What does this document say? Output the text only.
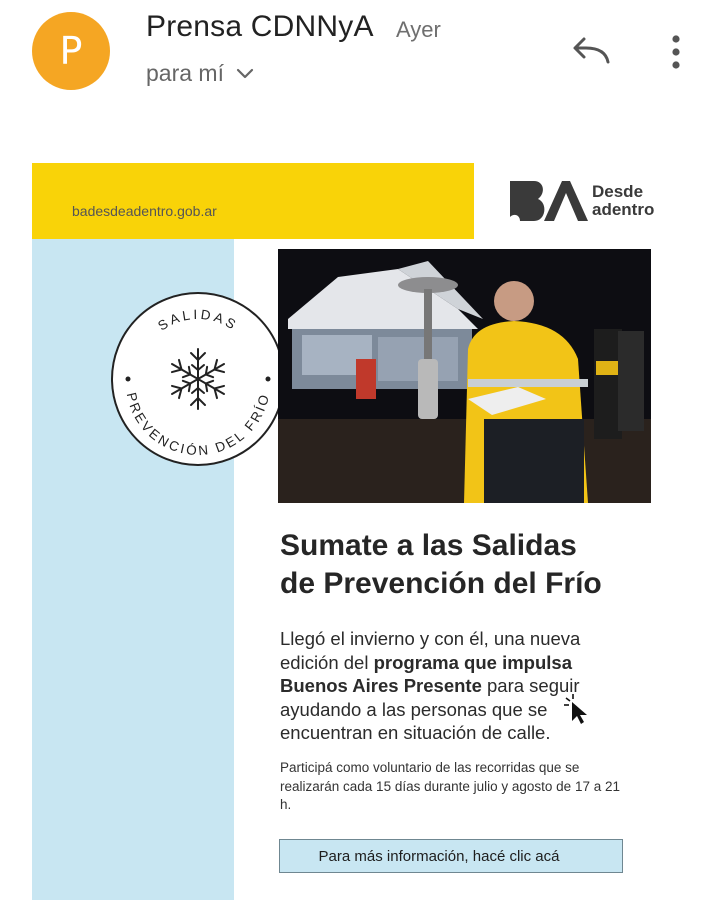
P
Prensa CDNNyA Ayer
para mí
badesdeadentro.gob.ar
Desde
adentro
SALIDAS
PREVENCIÓN DEL FRÍO
Sumate a las Salidas
de Prevención del Frío
Llegó el invierno y con él, una nueva edición del programa que impulsa Buenos Aires Presente para seguir ayudando a las personas que se encuentran en situación de calle.
Participá como voluntario de las recorridas que se realizarán cada 15 días durante julio y agosto de 17 a 21 h.
Para más información, hacé clic acá
